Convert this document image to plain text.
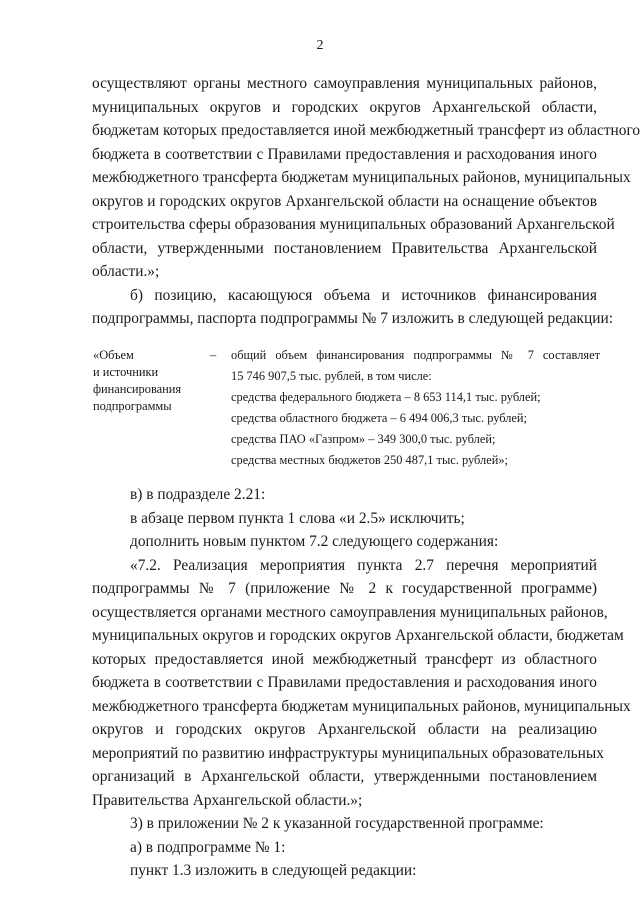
2
осуществляют органы местного самоуправления муниципальных районов,
муниципальных округов и городских округов Архангельской области,
бюджетам которых предоставляется иной межбюджетный трансферт из областного
бюджета в соответствии с Правилами предоставления и расходования иного
межбюджетного трансферта бюджетам муниципальных районов, муниципальных
округов и городских округов Архангельской области на оснащение объектов
строительства сферы образования муниципальных образований Архангельской
области, утвержденными постановлением Правительства Архангельской
области.»;
б) позицию, касающуюся объема и источников финансирования
подпрограммы, паспорта подпрограммы № 7 изложить в следующей редакции:
«Объем
и источники
финансирования
подпрограммы
– общий объем финансирования подпрограммы № 7 составляет
15 746 907,5 тыс. рублей, в том числе:
средства федерального бюджета – 8 653 114,1 тыс. рублей;
средства областного бюджета – 6 494 006,3 тыс. рублей;
средства ПАО «Газпром» – 349 300,0 тыс. рублей;
средства местных бюджетов 250 487,1 тыс. рублей»;
в) в подразделе 2.21:
в абзаце первом пункта 1 слова «и 2.5» исключить;
дополнить новым пунктом 7.2 следующего содержания:
«7.2. Реализация мероприятия пункта 2.7 перечня мероприятий
подпрограммы № 7 (приложение № 2 к государственной программе)
осуществляется органами местного самоуправления муниципальных районов,
муниципальных округов и городских округов Архангельской области, бюджетам
которых предоставляется иной межбюджетный трансферт из областного
бюджета в соответствии с Правилами предоставления и расходования иного
межбюджетного трансферта бюджетам муниципальных районов, муниципальных
округов и городских округов Архангельской области на реализацию
мероприятий по развитию инфраструктуры муниципальных образовательных
организаций в Архангельской области, утвержденными постановлением
Правительства Архангельской области.»;
3) в приложении № 2 к указанной государственной программе:
а) в подпрограмме № 1:
пункт 1.3 изложить в следующей редакции:
